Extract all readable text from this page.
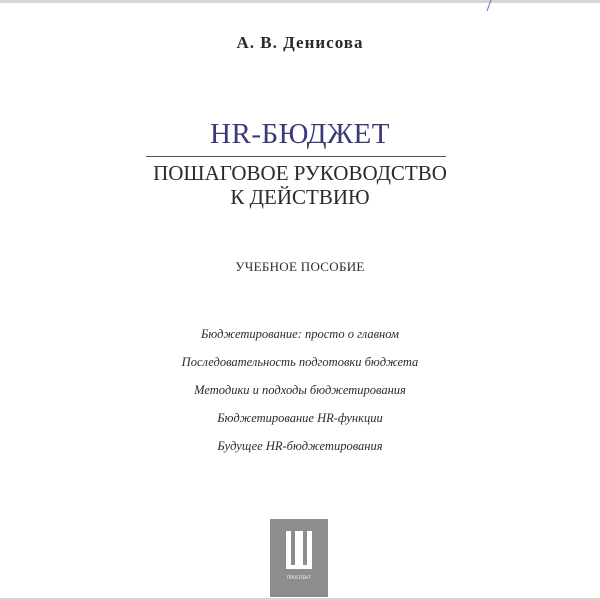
А. В. Денисова
HR-БЮДЖЕТ
ПОШАГОВОЕ РУКОВОДСТВО
К ДЕЙСТВИЮ
УЧЕБНОЕ ПОСОБИЕ
Бюджетирование: просто о главном
Последовательность подготовки бюджета
Методики и подходы бюджетирования
Бюджетирование HR-функции
Будущее HR-бюджетирования
ПРОСПЕКТ
